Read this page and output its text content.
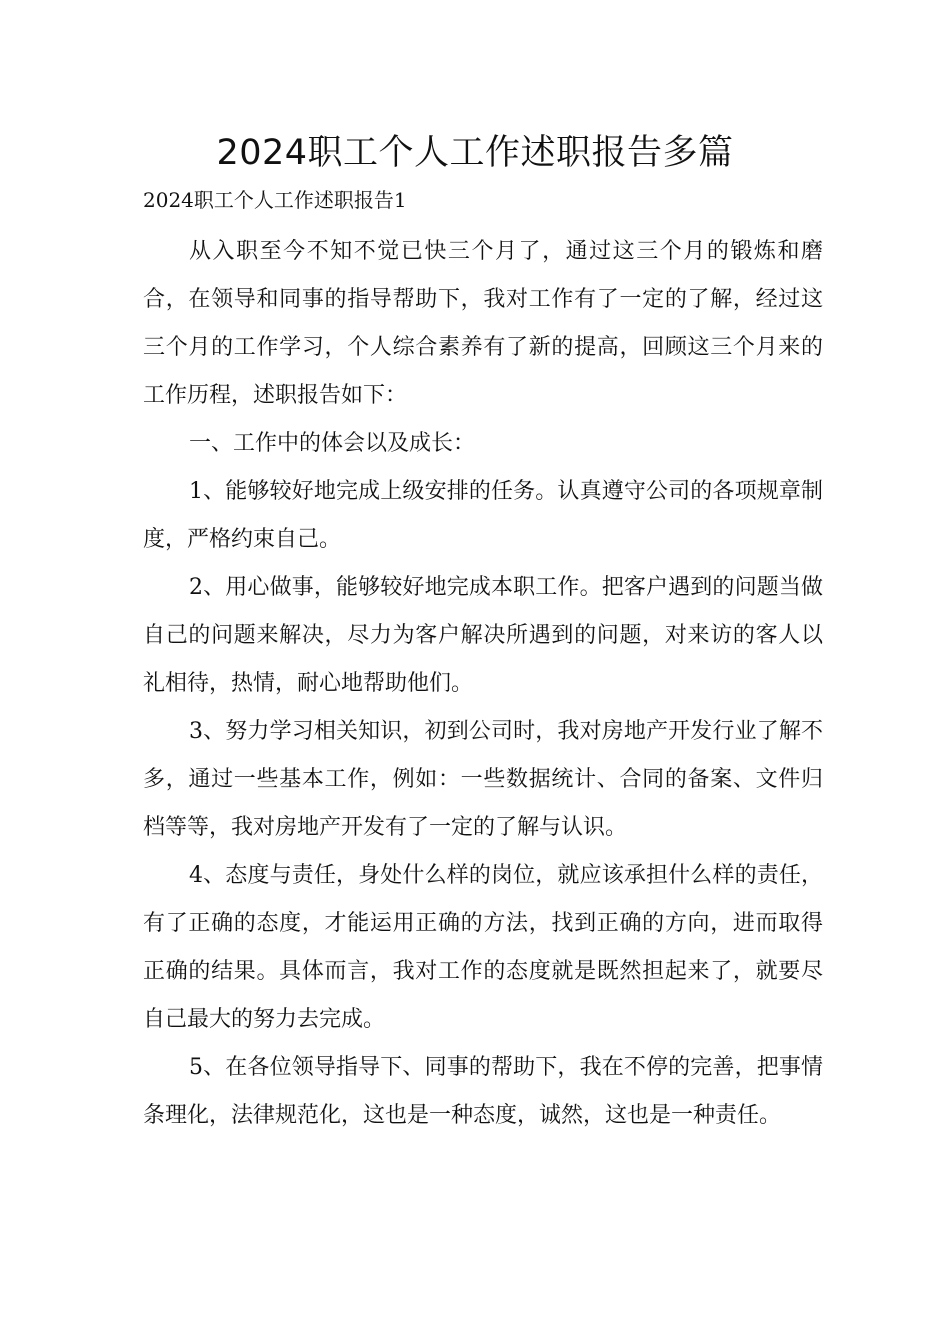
2024职工个人工作述职报告多篇
2024职工个人工作述职报告1

从入职至今不知不觉已快三个月了，通过这三个月的锻炼和磨合，在领导和同事的指导帮助下，我对工作有了一定的了解，经过这三个月的工作学习，个人综合素养有了新的提高，回顾这三个月来的工作历程，述职报告如下：

一、工作中的体会以及成长：

1、能够较好地完成上级安排的任务。认真遵守公司的各项规章制度，严格约束自己。

2、用心做事，能够较好地完成本职工作。把客户遇到的问题当做自己的问题来解决，尽力为客户解决所遇到的问题，对来访的客人以礼相待，热情，耐心地帮助他们。

3、努力学习相关知识，初到公司时，我对房地产开发行业了解不多，通过一些基本工作，例如：一些数据统计、合同的备案、文件归档等等，我对房地产开发有了一定的了解与认识。

4、态度与责任，身处什么样的岗位，就应该承担什么样的责任，有了正确的态度，才能运用正确的方法，找到正确的方向，进而取得正确的结果。具体而言，我对工作的态度就是既然担起来了，就要尽自己最大的努力去完成。

5、在各位领导指导下、同事的帮助下，我在不停的完善，把事情条理化，法律规范化，这也是一种态度，诚然，这也是一种责任。
